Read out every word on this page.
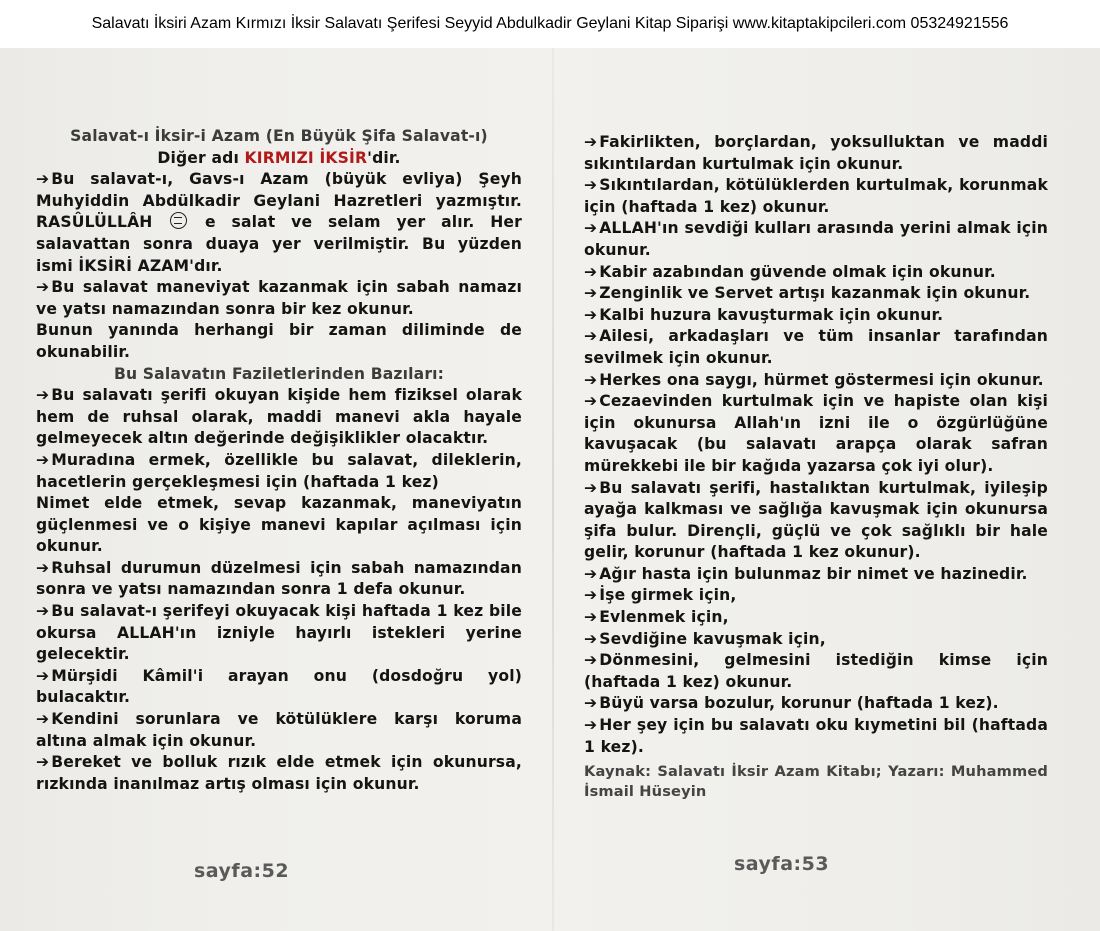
Salavatı İksiri Azam Kırmızı İksir Salavatı Şerifesi Seyyid Abdulkadir Geylani Kitap Siparişi www.kitaptakipcileri.com 05324921556

Salavat-ı İksir-i Azam (En Büyük Şifa Salavat-ı)

Diğer adı KIRMIZI İKSİR'dir.

➔ Bu salavat-ı, Gavs-ı Azam (büyük evliya) Şeyh Muhyiddin Abdülkadir Geylani Hazretleri yazmıştır. RASÛLÜLLÂH	e salat ve selam yer alır. Her salavattan sonra duaya yer verilmiştir. Bu yüzden ismi İKSİRİ AZAM'dır.

➔ Bu salavat maneviyat kazanmak için sabah namazı ve yatsı namazından sonra bir kez okunur.

Bunun yanında herhangi bir zaman diliminde de okunabilir.

Bu Salavatın Faziletlerinden Bazıları:

➔ Bu salavatı şerifi okuyan kişide hem fiziksel olarak hem de ruhsal olarak, maddi manevi akla hayale gelmeyecek altın değerinde değişiklikler olacaktır.

➔ Muradına ermek, özellikle bu salavat, dileklerin, hacetlerin gerçekleşmesi için (haftada 1 kez)

Nimet elde etmek, sevap kazanmak, maneviyatın güçlenmesi ve o kişiye manevi kapılar açılması için okunur.

➔ Ruhsal durumun düzelmesi için sabah namazından sonra ve yatsı namazından sonra 1 defa okunur.

➔ Bu salavat-ı şerifeyi okuyacak kişi haftada 1 kez bile okursa ALLAH'ın izniyle hayırlı istekleri yerine gelecektir.

➔ Mürşidi Kâmil'i arayan onu (dosdoğru yol) bulacaktır.

➔ Kendini sorunlara ve kötülüklere karşı koruma altına almak için okunur.

➔ Bereket ve bolluk rızık elde etmek için okunursa, rızkında inanılmaz artış olması için okunur.

➔ Fakirlikten, borçlardan, yoksulluktan ve maddi sıkıntılardan kurtulmak için okunur.

➔ Sıkıntılardan, kötülüklerden kurtulmak, korunmak için (haftada 1 kez) okunur.

➔ ALLAH'ın sevdiği kulları arasında yerini almak için okunur.

➔ Kabir azabından güvende olmak için okunur.

➔ Zenginlik ve Servet artışı kazanmak için okunur.

➔ Kalbi huzura kavuşturmak için okunur.

➔ Ailesi, arkadaşları ve tüm insanlar tarafından sevilmek için okunur.

➔ Herkes ona saygı, hürmet göstermesi için okunur.

➔ Cezaevinden kurtulmak için ve hapiste olan kişi için okunursa Allah'ın izni ile o özgürlüğüne kavuşacak (bu salavatı arapça olarak safran mürekkebi ile bir kağıda yazarsa çok iyi olur).

➔ Bu salavatı şerifi, hastalıktan kurtulmak, iyileşip ayağa kalkması ve sağlığa kavuşmak için okunursa şifa bulur. Dirençli, güçlü ve çok sağlıklı bir hale gelir, korunur (haftada 1 kez okunur).

➔ Ağır hasta için bulunmaz bir nimet ve hazinedir.

➔ İşe girmek için,

➔ Evlenmek için,

➔ Sevdiğine kavuşmak için,

➔ Dönmesini, gelmesini istediğin kimse için (haftada 1 kez) okunur.

➔ Büyü varsa bozulur, korunur (haftada 1 kez).

➔ Her şey için bu salavatı oku kıymetini bil (haftada 1 kez).

Kaynak: Salavatı İksir Azam Kitabı; Yazarı: Muhammed İsmail Hüseyin

sayfa:52	sayfa:53
